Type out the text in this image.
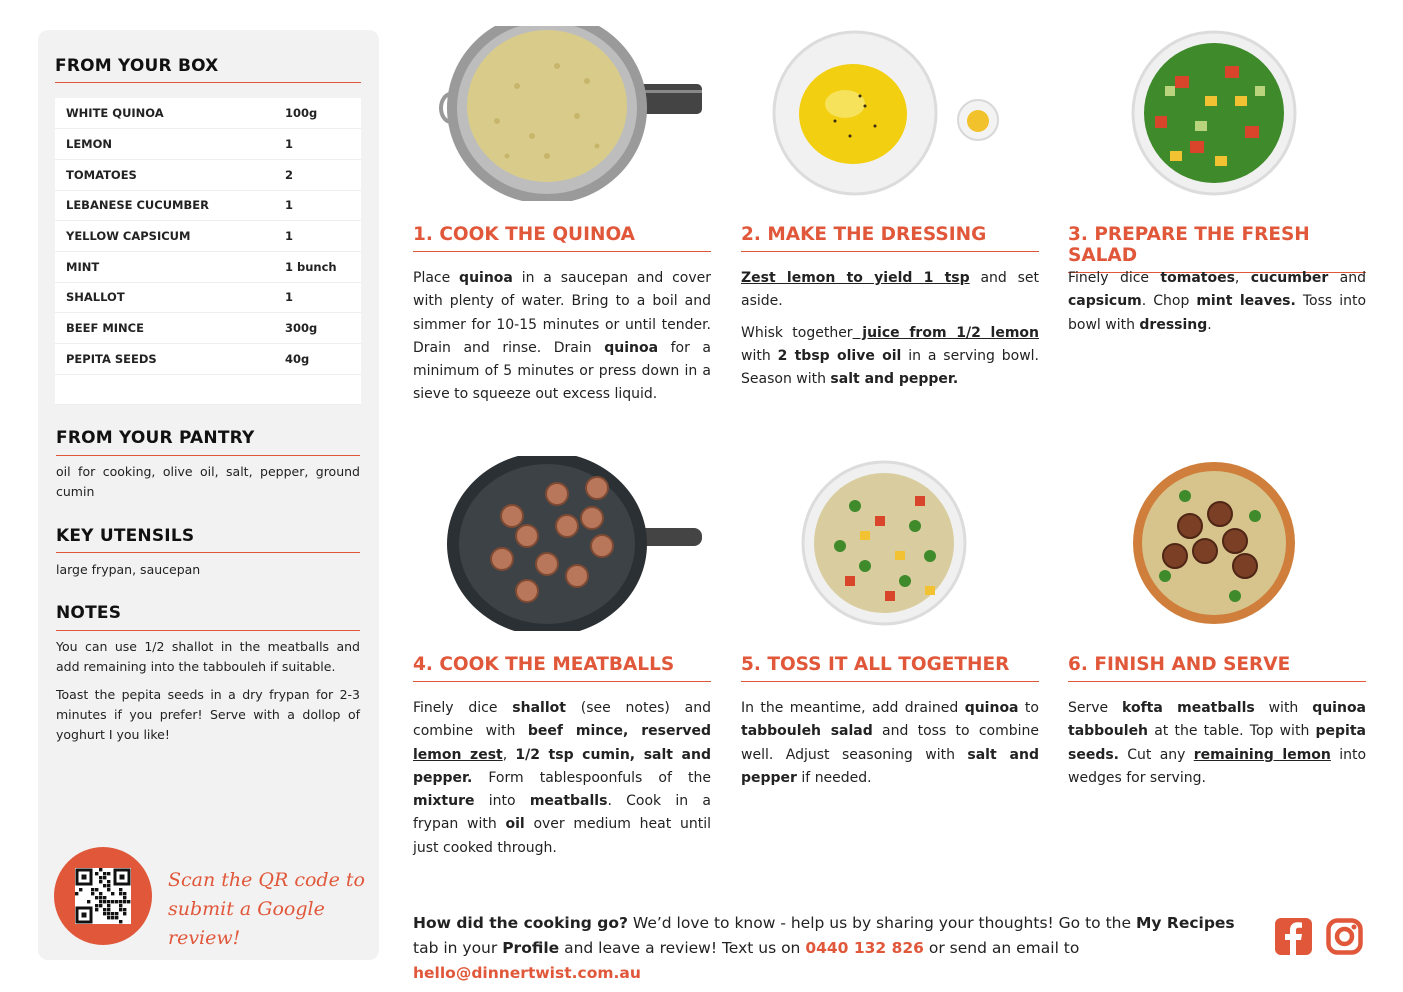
FROM YOUR BOX
WHITE QUINOA	100g
LEMON	1
TOMATOES	2
LEBANESE CUCUMBER	1
YELLOW CAPSICUM	1
MINT	1 bunch
SHALLOT	1
BEEF MINCE	300g
PEPITA SEEDS	40g

FROM YOUR PANTRY
oil for cooking, olive oil, salt, pepper, ground cumin
KEY UTENSILS
large frypan, saucepan
NOTES
You can use 1/2 shallot in the meatballs and add remaining into the tabbouleh if suitable.
Toast the pepita seeds in a dry frypan for 2-3 minutes if you prefer! Serve with a dollop of yoghurt I you like!
Scan the QR code to
submit a Google review!
1. COOK THE QUINOA

Place quinoa in a saucepan and cover with plenty of water. Bring to a boil and simmer for 10-15 minutes or until tender. Drain and rinse. Drain quinoa for a minimum of 5 minutes or press down in a sieve to squeeze out excess liquid.

2. MAKE THE DRESSING

Zest lemon to yield 1 tsp and set aside.

Whisk together juice from 1/2 lemon with 2 tbsp olive oil in a serving bowl. Season with salt and pepper.

3. PREPARE THE FRESH SALAD

Finely dice tomatoes, cucumber and capsicum. Chop mint leaves. Toss into bowl with dressing.

4. COOK THE MEATBALLS

Finely dice shallot (see notes) and combine with beef mince, reserved lemon zest, 1/2 tsp cumin, salt and pepper. Form tablespoonfuls of the mixture into meatballs. Cook in a frypan with oil over medium heat until just cooked through.

5. TOSS IT ALL TOGETHER

In the meantime, add drained quinoa to tabbouleh salad and toss to combine well. Adjust seasoning with salt and pepper if needed.

6. FINISH AND SERVE

Serve kofta meatballs with quinoa tabbouleh at the table. Top with pepita seeds. Cut any remaining lemon into wedges for serving.

How did the cooking go? We’d love to know - help us by sharing your thoughts! Go to the My Recipes tab in your Profile and leave a review! Text us on 0440 132 826 or send an email to hello@dinnertwist.com.au
